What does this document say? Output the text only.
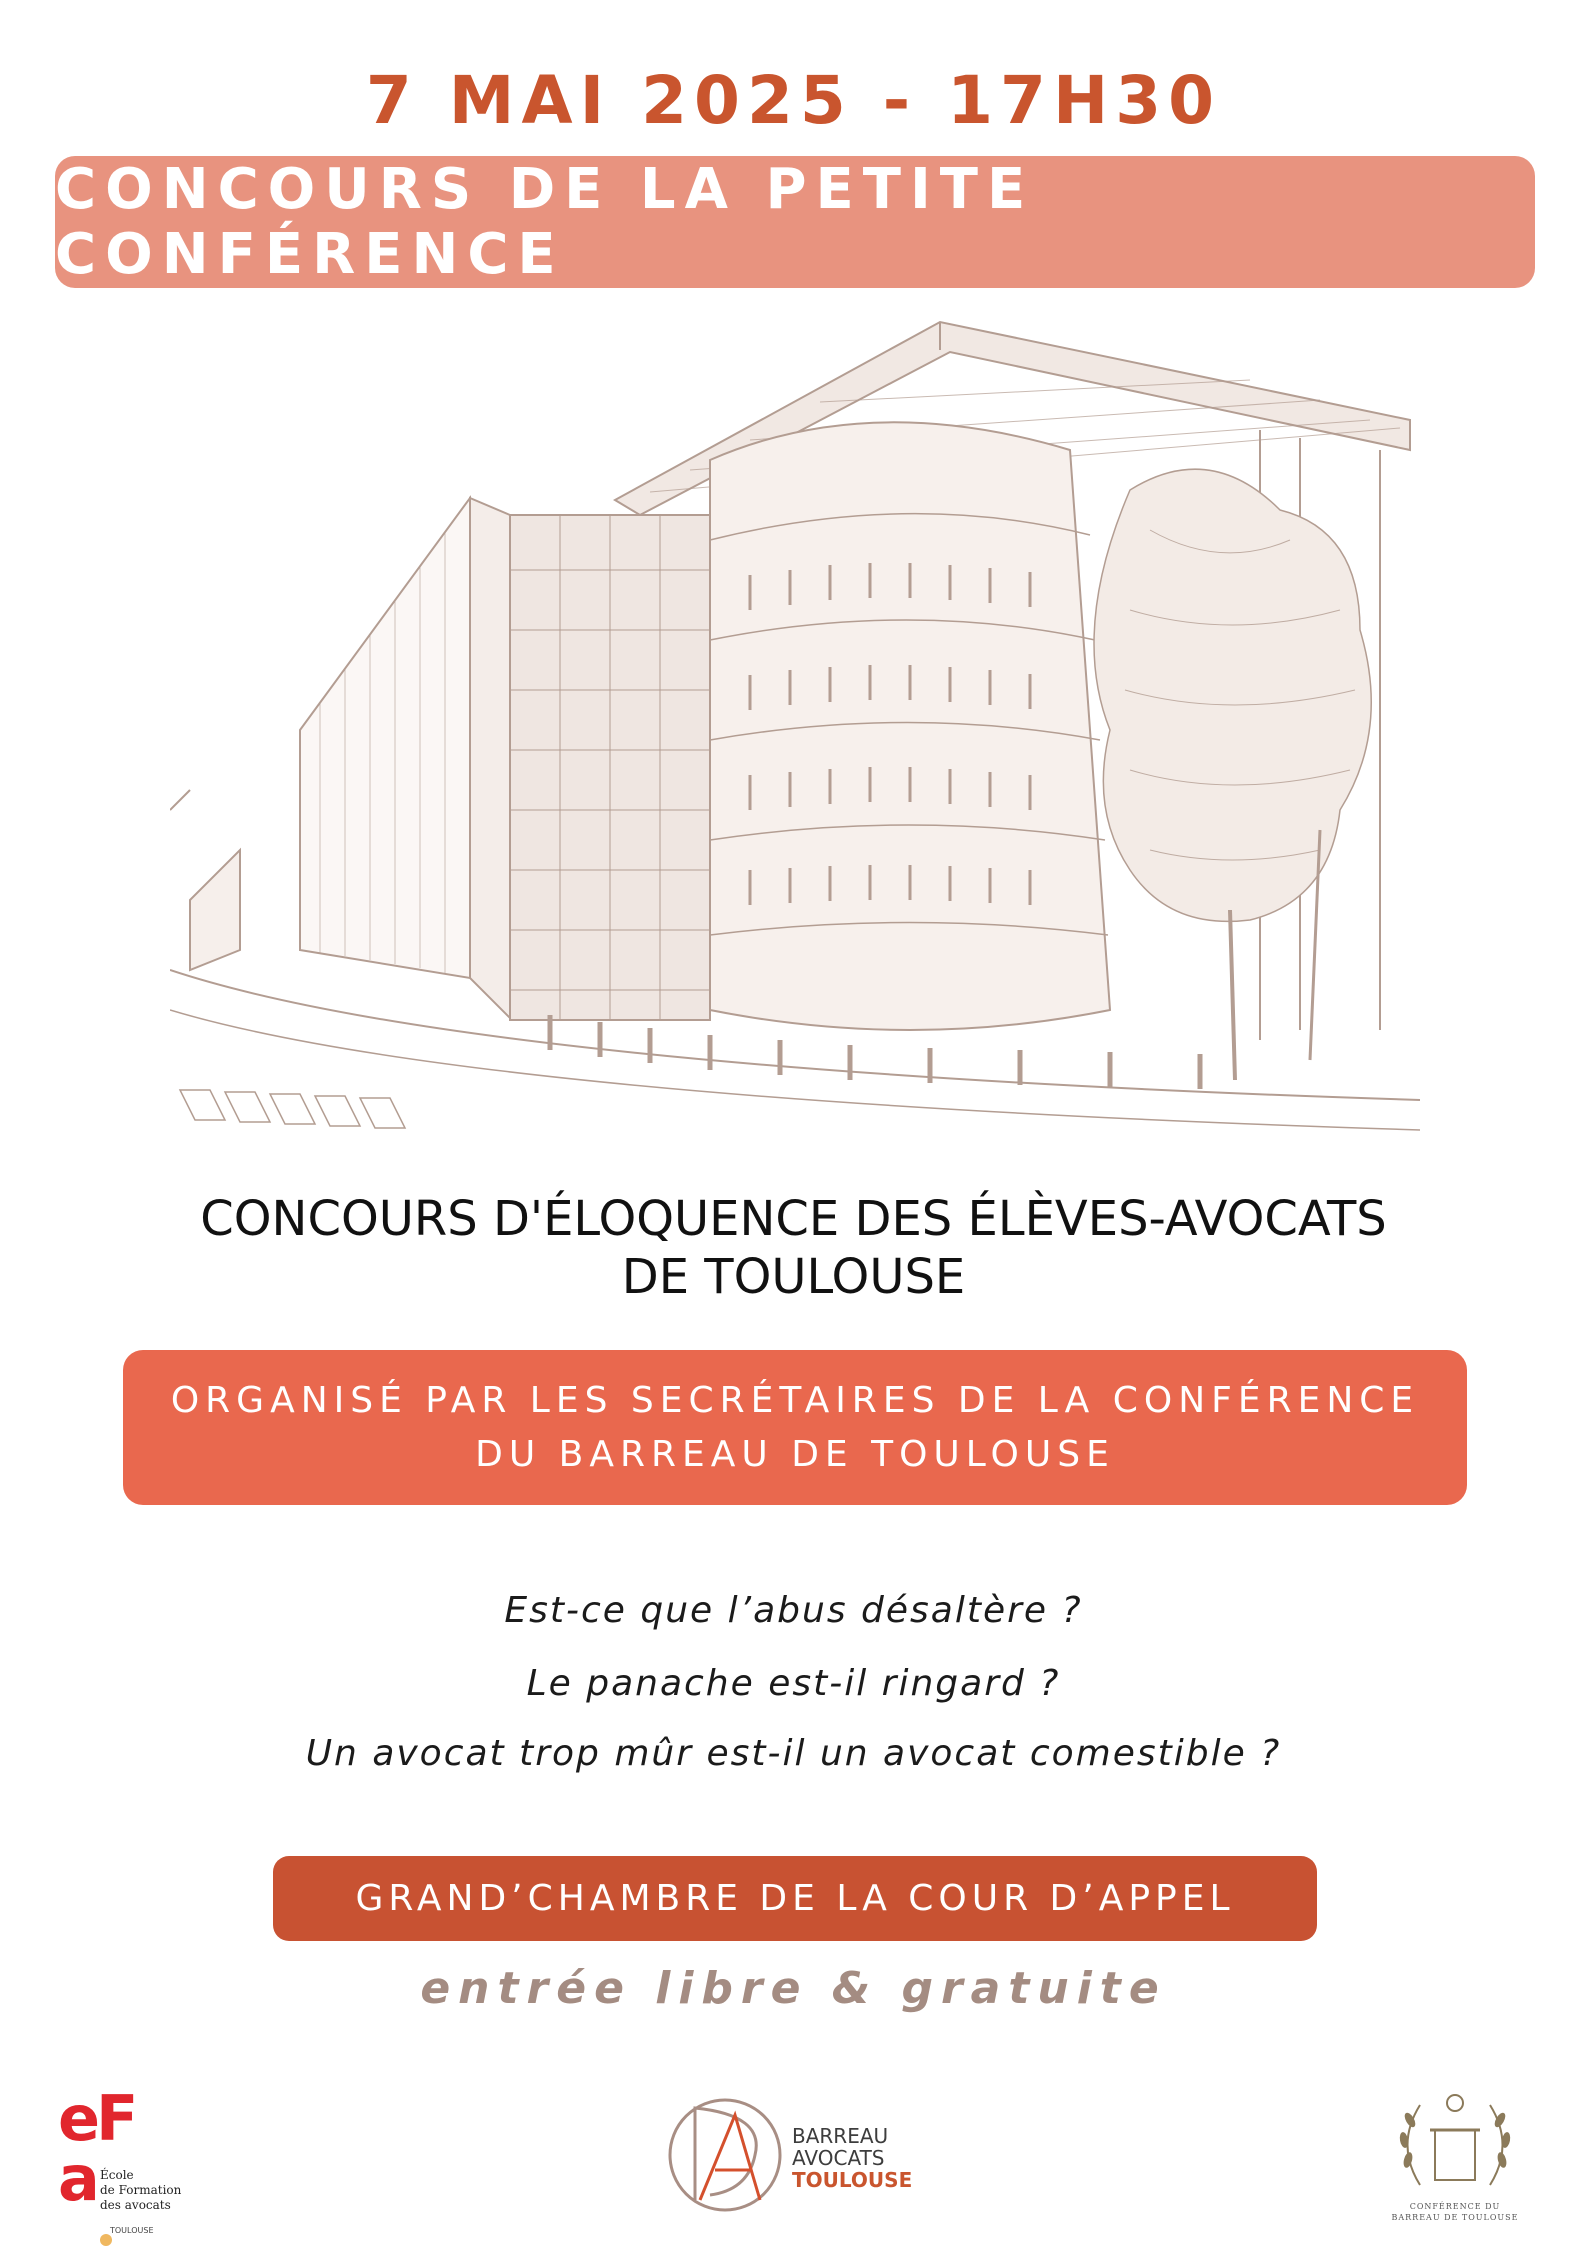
7 MAI 2025 - 17H30
CONCOURS DE LA PETITE CONFÉRENCE
CONCOURS D'ÉLOQUENCE DES ÉLÈVES-AVOCATS
DE TOULOUSE
ORGANISÉ PAR LES SECRÉTAIRES DE LA CONFÉRENCE
DU BARREAU DE TOULOUSE
Est-ce que l’abus désaltère ?
Le panache est-il ringard ?
Un avocat trop mûr est-il un avocat comestible ?
GRAND’CHAMBRE DE LA COUR D’APPEL
entrée libre & gratuite
e
F
a École
de Formation
des avocats
TOULOUSE
BARREAU
AVOCATS
TOULOUSE
CONFÉRENCE DU
BARREAU DE TOULOUSE
